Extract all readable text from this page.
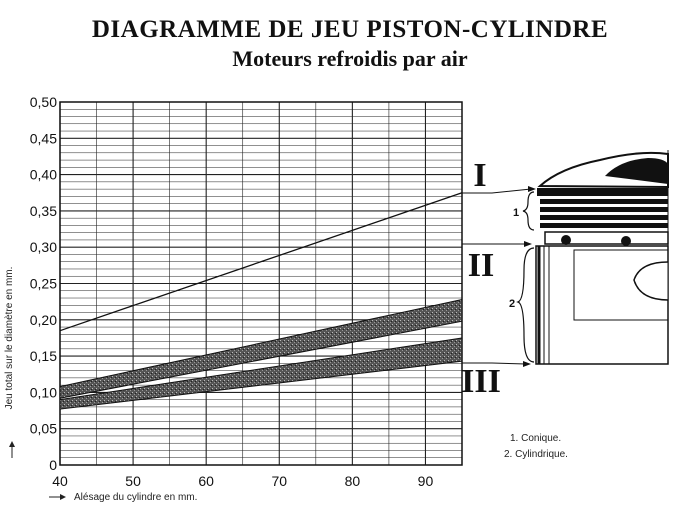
DIAGRAMME DE JEU PISTON-CYLINDRE
Moteurs refroidis par air
0
0,05
0,10
0,15
0,20
0,25
0,30
0,35
0,40
0,45
0,50
40	50	60	70	80	90
Jeu total sur le diamètre en mm.
Alésage du cylindre en mm.
I
II
III
1
2
1. Conique.
2. Cylindrique.
